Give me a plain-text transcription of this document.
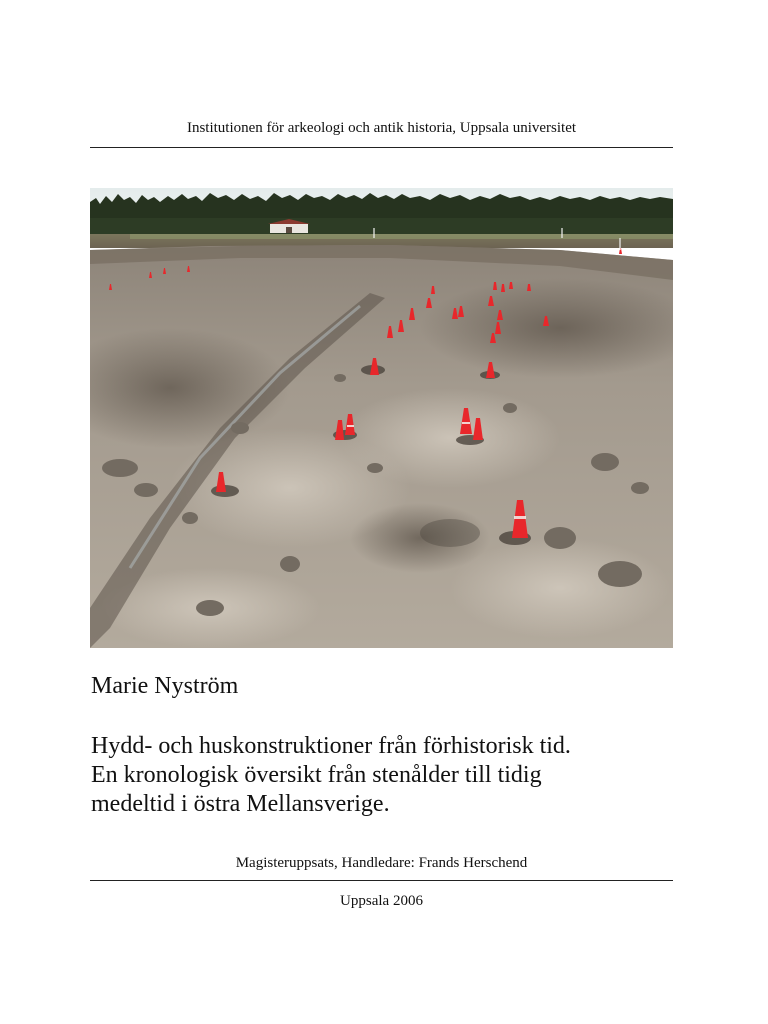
Institutionen för arkeologi och antik historia, Uppsala universitet
Marie Nyström
Hydd- och huskonstruktioner från förhistorisk tid.
En kronologisk översikt från stenålder till tidig
medeltid i östra Mellansverige.
Magisteruppsats, Handledare: Frands Herschend
Uppsala 2006
